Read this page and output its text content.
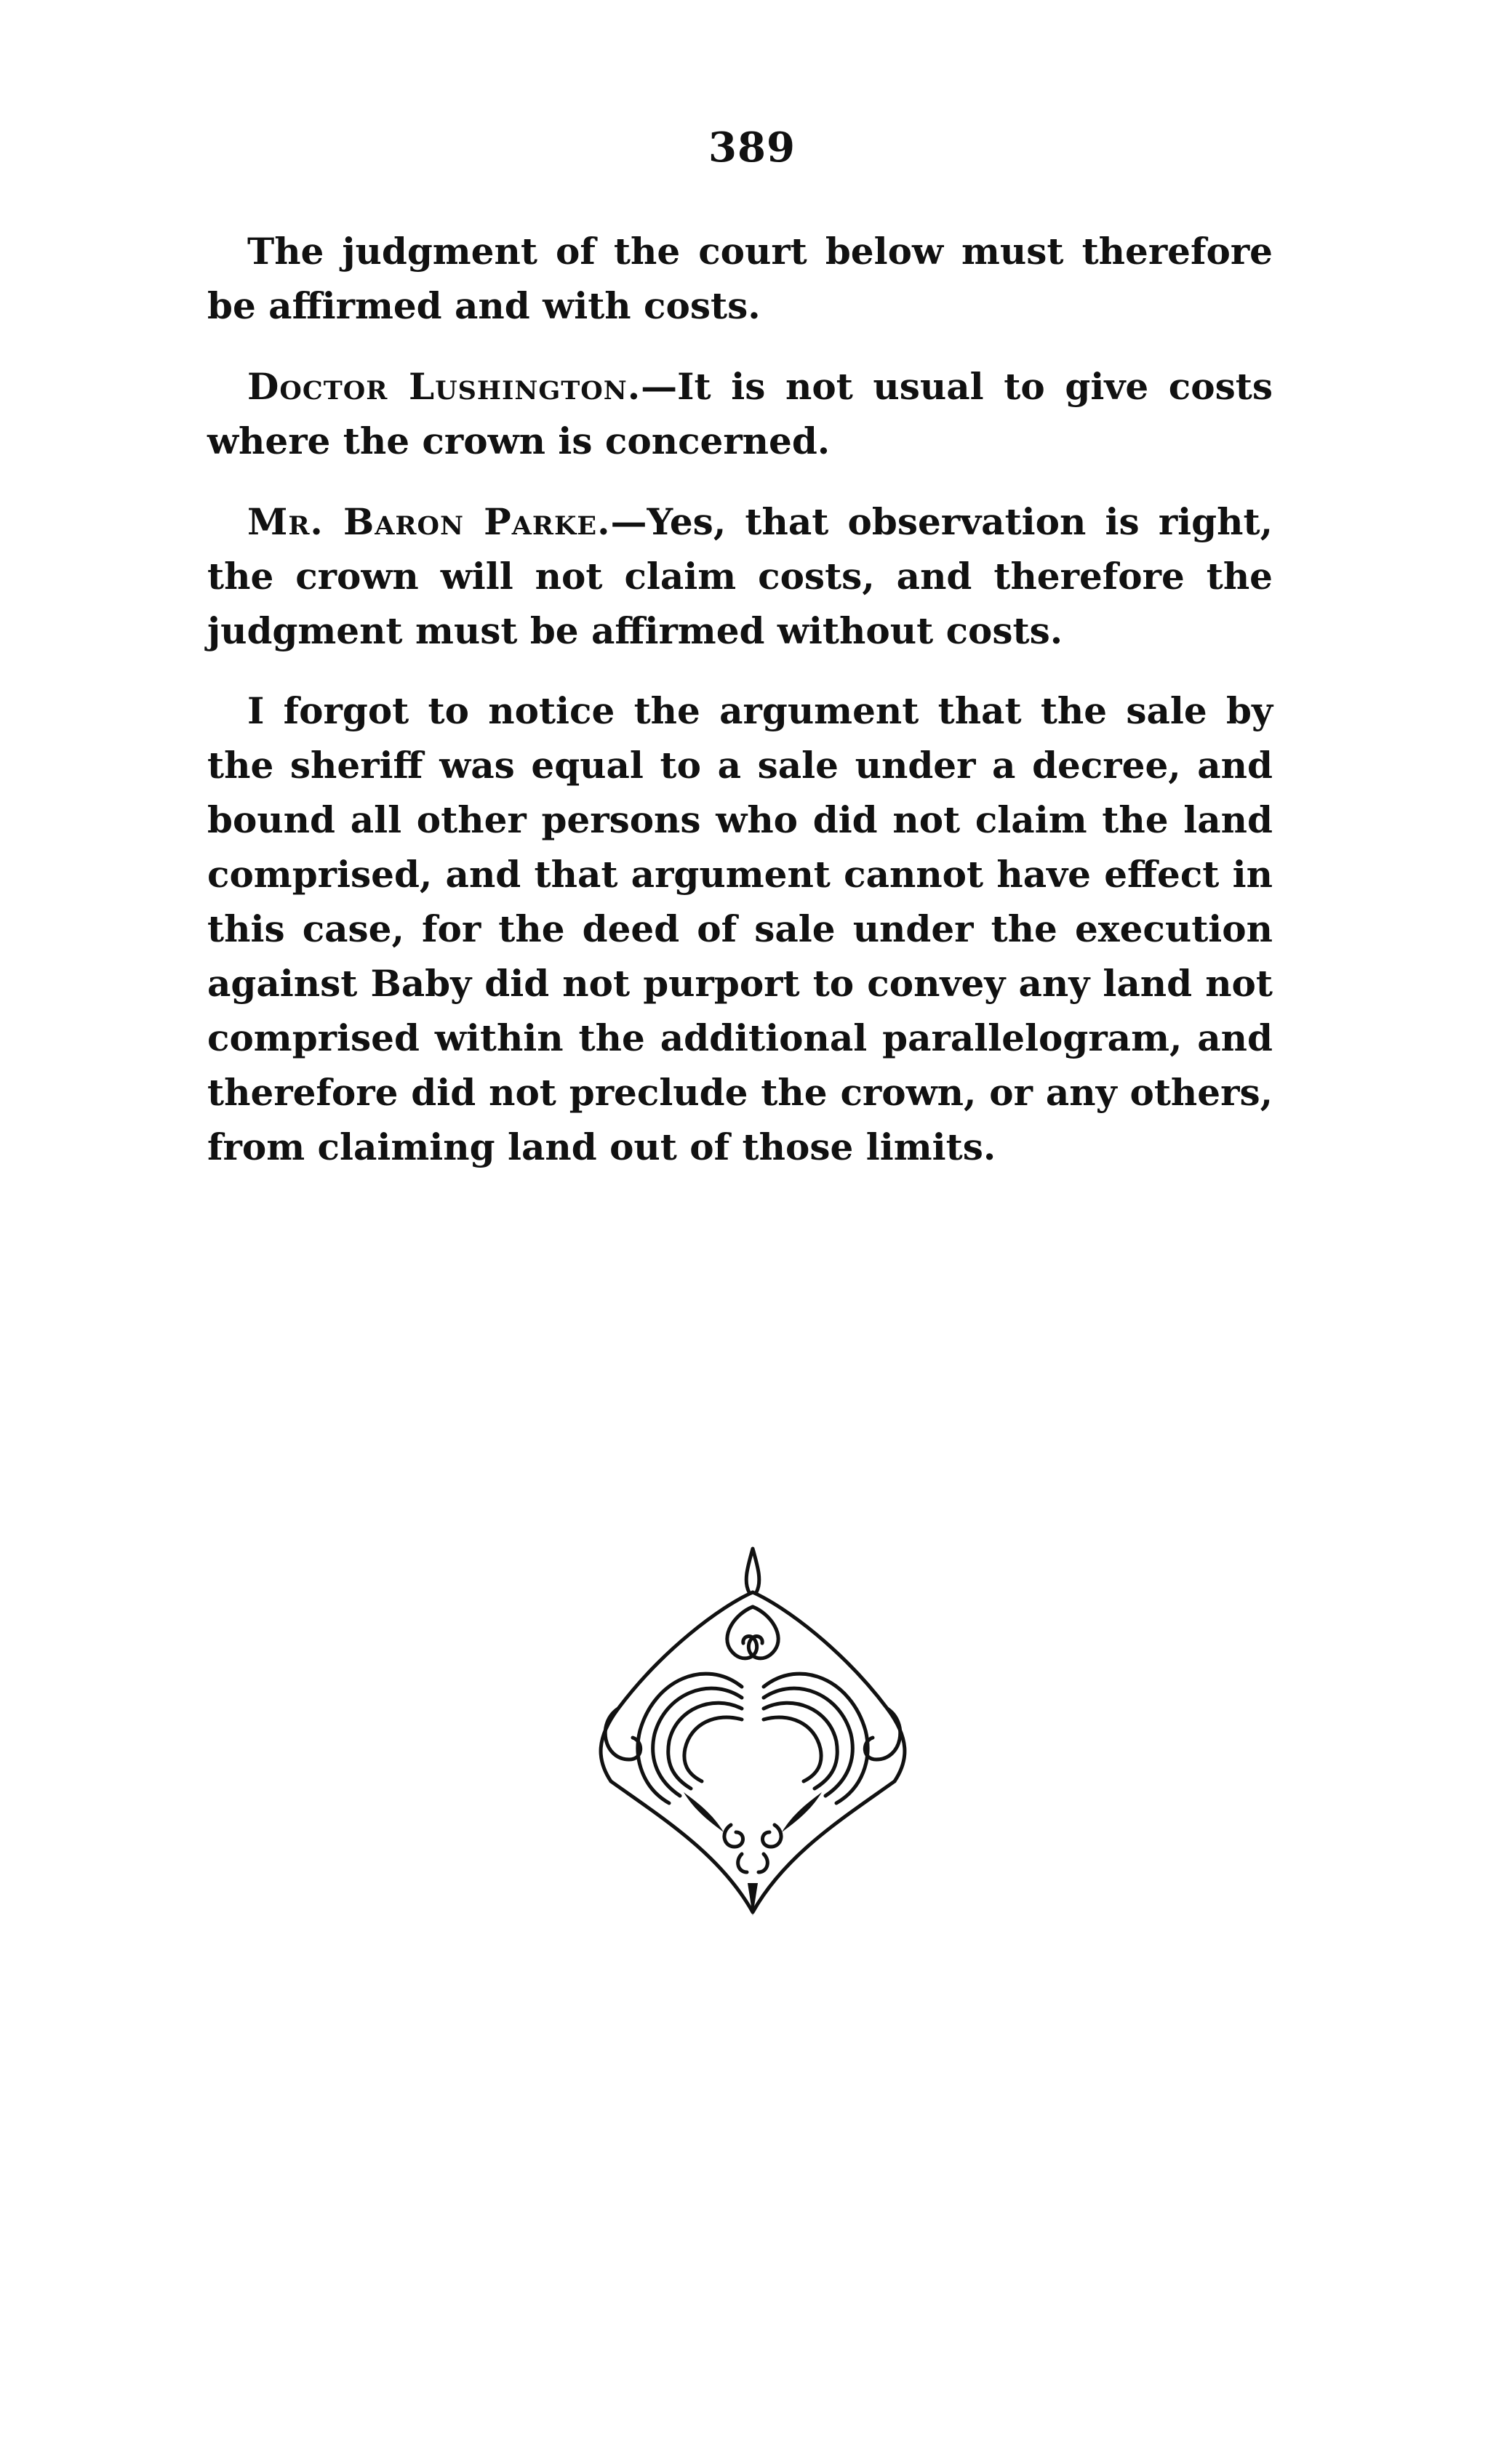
389

The judgment of the court below must therefore be affirmed and with costs.

Doctor Lushington.—It is not usual to give costs where the crown is concerned.

Mr. Baron Parke.—Yes, that observation is right, the crown will not claim costs, and therefore the judgment must be affirmed without costs.

I forgot to notice the argument that the sale by the sheriff was equal to a sale under a decree, and bound all other persons who did not claim the land comprised, and that argument cannot have effect in this case, for the deed of sale under the execution against Baby did not purport to convey any land not comprised within the additional parallelogram, and therefore did not preclude the crown, or any others, from claiming land out of those limits.
